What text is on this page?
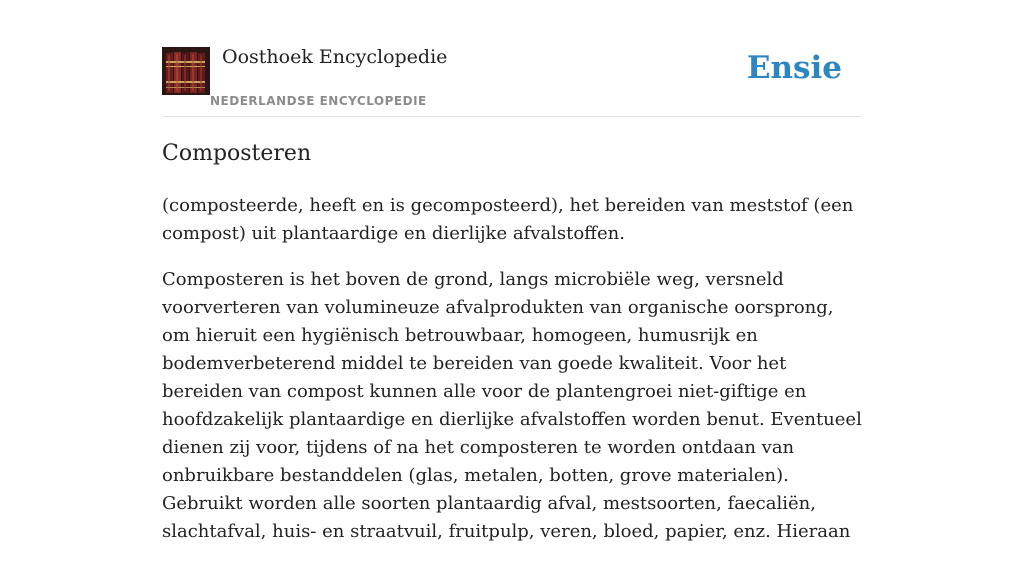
Oosthoek Encyclopedie
NEDERLANDSE ENCYCLOPEDIE
Ensie
Composteren

(composteerde, heeft en is gecomposteerd), het bereiden van meststof (een compost) uit plantaardige en dierlijke afvalstoffen.

Composteren is het boven de grond, langs microbiële weg, versneld voorverteren van volumineuze afvalprodukten van organische oorsprong, om hieruit een hygiënisch betrouwbaar, homogeen, humusrijk en bodemverbeterend middel te bereiden van goede kwaliteit. Voor het bereiden van compost kunnen alle voor de plantengroei niet-giftige en hoofdzakelijk plantaardige en dierlijke afvalstoffen worden benut. Eventueel dienen zij voor, tijdens of na het composteren te worden ontdaan van onbruikbare bestanddelen (glas, metalen, botten, grove materialen). Gebruikt worden alle soorten plantaardig afval, mestsoorten, faecaliën, slachtafval, huis- en straatvuil, fruitpulp, veren, bloed, papier, enz. Hieraan
